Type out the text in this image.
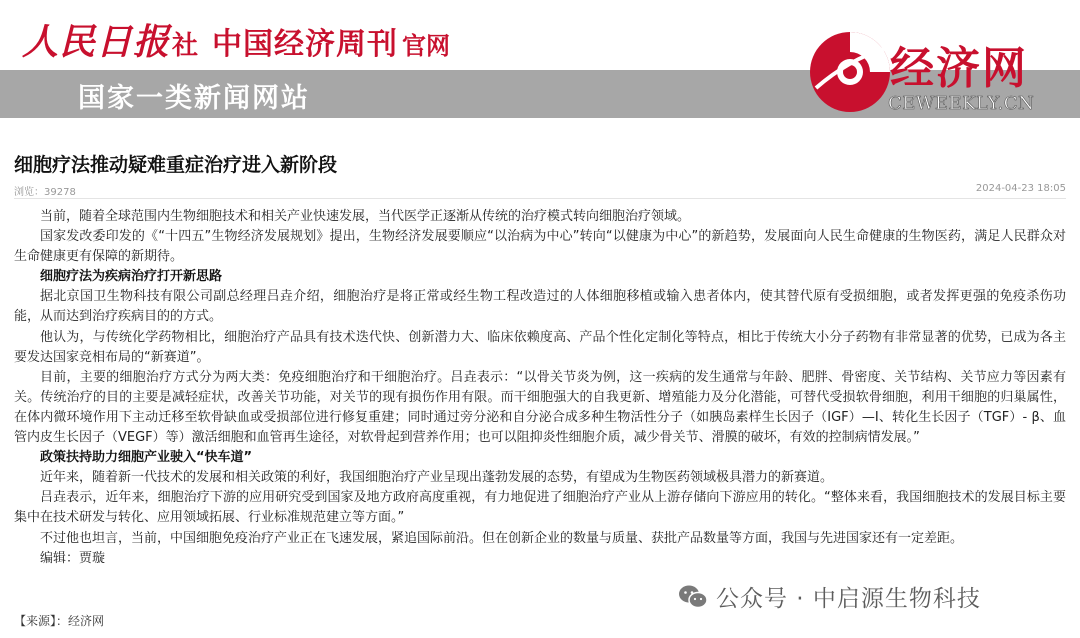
人民日报 社 中国经济周刊 官网
国家一类新闻网站
经济网
CEWEEKLY.CN
细胞疗法推动疑难重症治疗进入新阶段
浏览：39278	2024-04-23 18:05

当前，随着全球范围内生物细胞技术和相关产业快速发展，当代医学正逐渐从传统的治疗模式转向细胞治疗领域。

国家发改委印发的《“十四五”生物经济发展规划》提出，生物经济发展要顺应“以治病为中心”转向“以健康为中心”的新趋势，发展面向人民生命健康的生物医药，满足人民群众对生命健康更有保障的新期待。

细胞疗法为疾病治疗打开新思路

据北京国卫生物科技有限公司副总经理吕垚介绍，细胞治疗是将正常或经生物工程改造过的人体细胞移植或输入患者体内，使其替代原有受损细胞，或者发挥更强的免疫杀伤功能，从而达到治疗疾病目的的方式。

他认为，与传统化学药物相比，细胞治疗产品具有技术迭代快、创新潜力大、临床依赖度高、产品个性化定制化等特点，相比于传统大小分子药物有非常显著的优势，已成为各主要发达国家竞相布局的“新赛道”。

目前，主要的细胞治疗方式分为两大类：免疫细胞治疗和干细胞治疗。吕垚表示：“以骨关节炎为例，这一疾病的发生通常与年龄、肥胖、骨密度、关节结构、关节应力等因素有关。传统治疗的目的主要是减轻症状，改善关节功能，对关节的现有损伤作用有限。而干细胞强大的自我更新、增殖能力及分化潜能，可替代受损软骨细胞，利用干细胞的归巢属性，在体内微环境作用下主动迁移至软骨缺血或受损部位进行修复重建；同时通过旁分泌和自分泌合成多种生物活性分子（如胰岛素样生长因子（IGF）—I、转化生长因子（TGF）- β、血管内皮生长因子（VEGF）等）激活细胞和血管再生途径，对软骨起到营养作用；也可以阻抑炎性细胞介质，减少骨关节、滑膜的破坏，有效的控制病情发展。”

政策扶持助力细胞产业驶入“快车道”

近年来，随着新一代技术的发展和相关政策的利好，我国细胞治疗产业呈现出蓬勃发展的态势，有望成为生物医药领域极具潜力的新赛道。

吕垚表示，近年来，细胞治疗下游的应用研究受到国家及地方政府高度重视，有力地促进了细胞治疗产业从上游存储向下游应用的转化。“整体来看，我国细胞技术的发展目标主要集中在技术研发与转化、应用领域拓展、行业标准规范建立等方面。”

不过他也坦言，当前，中国细胞免疫治疗产业正在飞速发展，紧追国际前沿。但在创新企业的数量与质量、获批产品数量等方面，我国与先进国家还有一定差距。

编辑：贾璇

【来源】：经济网
公众号 · 中启源生物科技
